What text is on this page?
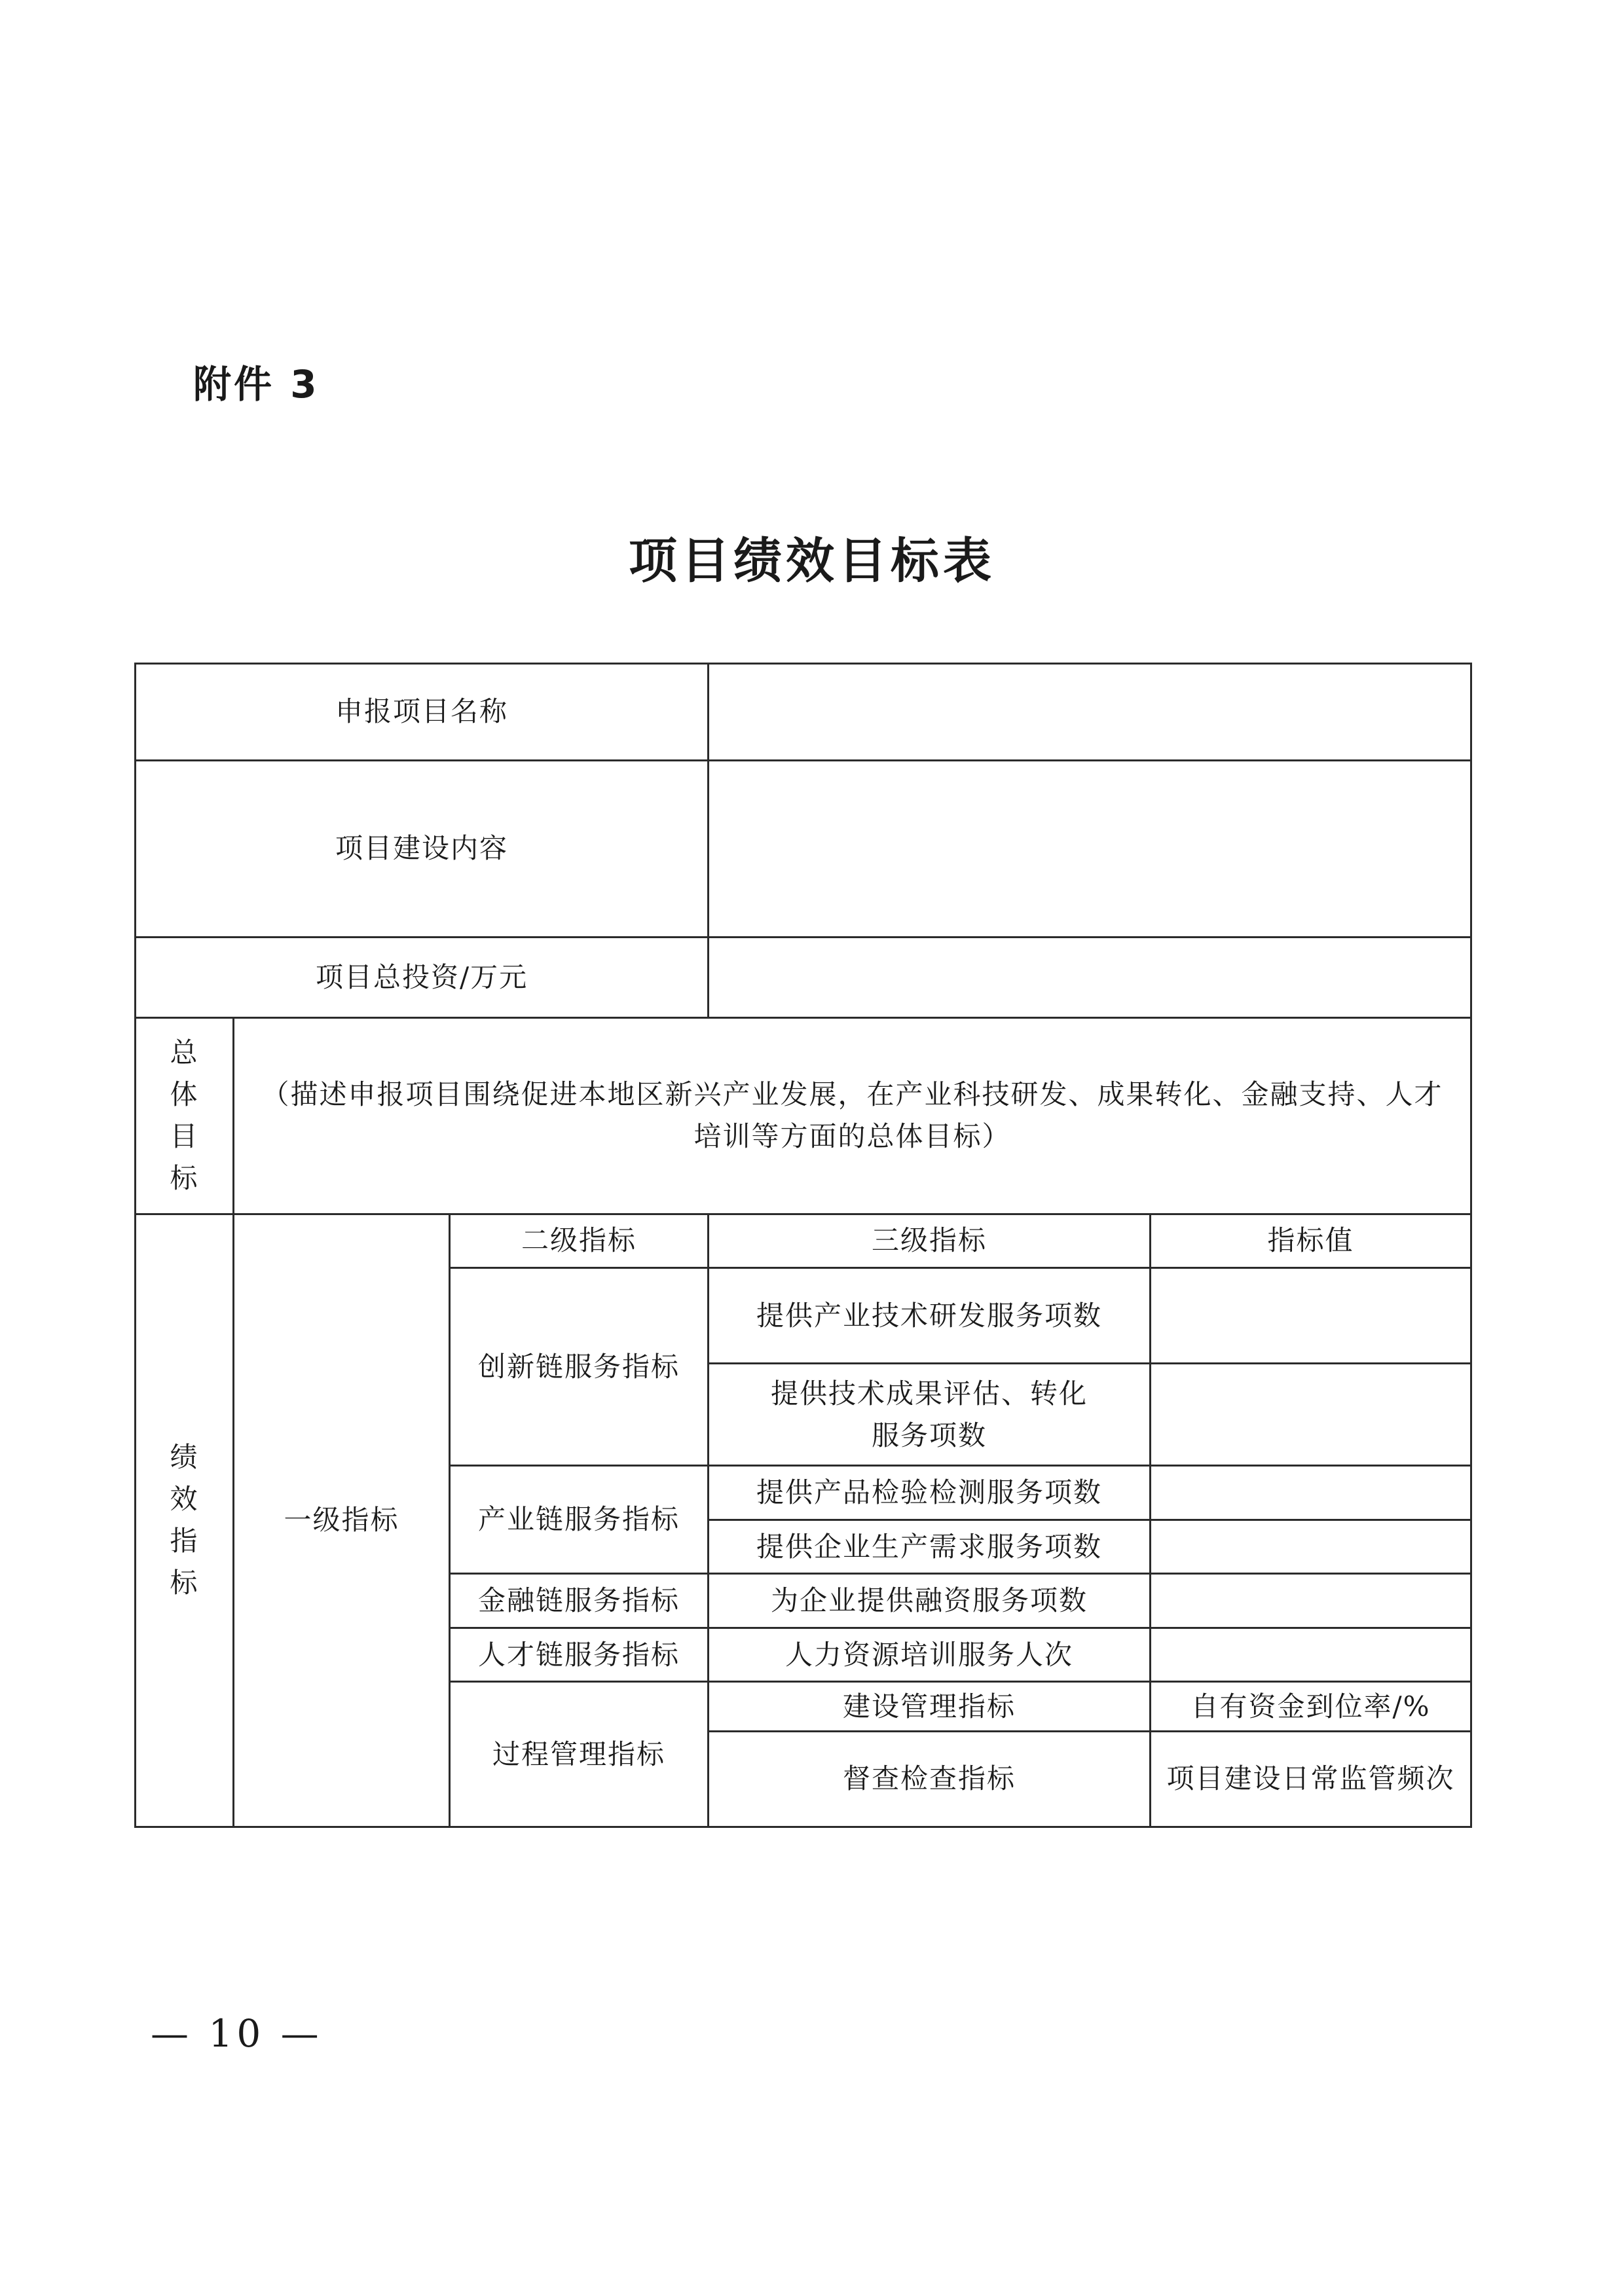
附件 3
项目绩效目标表
申报项目名称					
项目建设内容					
项目总投资/万元					
总
体
目
标	（描述申报项目围绕促进本地区新兴产业发展，在产业科技研发、成果转化、金融支持、人才培训等方面的总体目标）				
绩
效
指
标	一级指标	二级指标	三级指标	指标值	
		创新链服务指标	提供产业技术研发服务项数		
			提供技术成果评估、转化
服务项数		
		产业链服务指标	提供产品检验检测服务项数		
			提供企业生产需求服务项数		
		金融链服务指标	为企业提供融资服务项数		
		人才链服务指标	人力资源培训服务人次		
		过程管理指标	建设管理指标	自有资金到位率/%	
			督查检查指标	项目建设日常监管频次	
— 10 —
